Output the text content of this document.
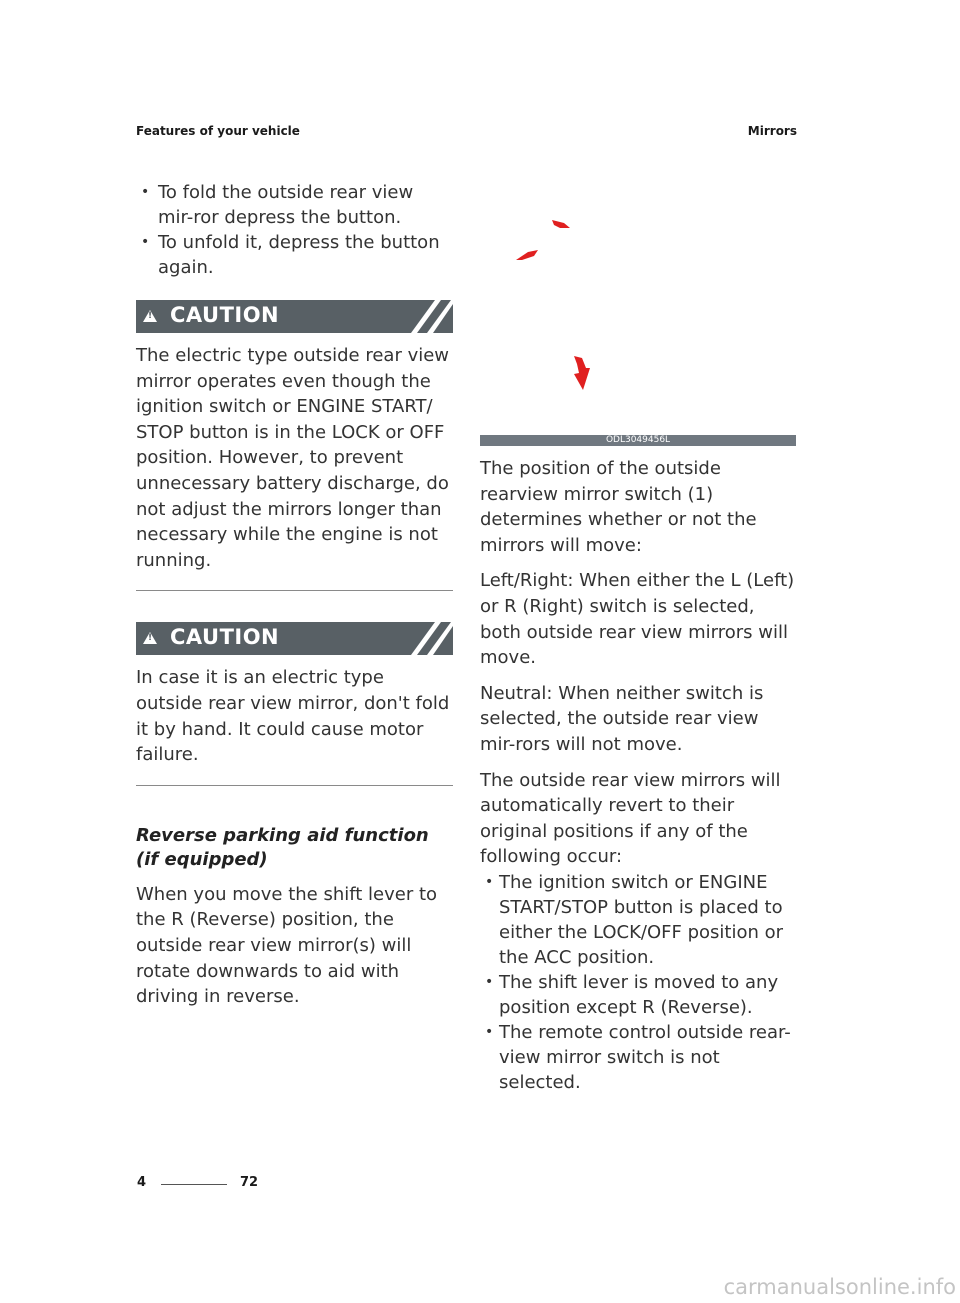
Features of your vehicle	Mirrors
• To fold the outside rear view mir-ror depress the button.
• To unfold it, depress the button again.
!
CAUTION

The electric type outside rear view mirror operates even though the ignition switch or ENGINE START/ STOP button is in the LOCK or OFF position. However, to prevent unnecessary battery discharge, do not adjust the mirrors longer than necessary while the engine is not running.

!
CAUTION

In case it is an electric type outside rear view mirror, don't fold it by hand. It could cause motor failure.

Reverse parking aid function (if equipped)

When you move the shift lever to the R (Reverse) position, the outside rear view mirror(s) will rotate downwards to aid with driving in reverse.

ODL3049456L

The position of the outside rearview mirror switch (1) determines whether or not the mirrors will move:

Left/Right: When either the L (Left) or R (Right) switch is selected, both outside rear view mirrors will move.

Neutral: When neither switch is selected, the outside rear view mir-rors will not move.

The outside rear view mirrors will automatically revert to their original positions if any of the following occur:

• The ignition switch or ENGINE START/STOP button is placed to either the LOCK/OFF position or the ACC position.
• The shift lever is moved to any position except R (Reverse).
• The remote control outside rear-view mirror switch is not selected.
4	72
carmanualsonline.info
